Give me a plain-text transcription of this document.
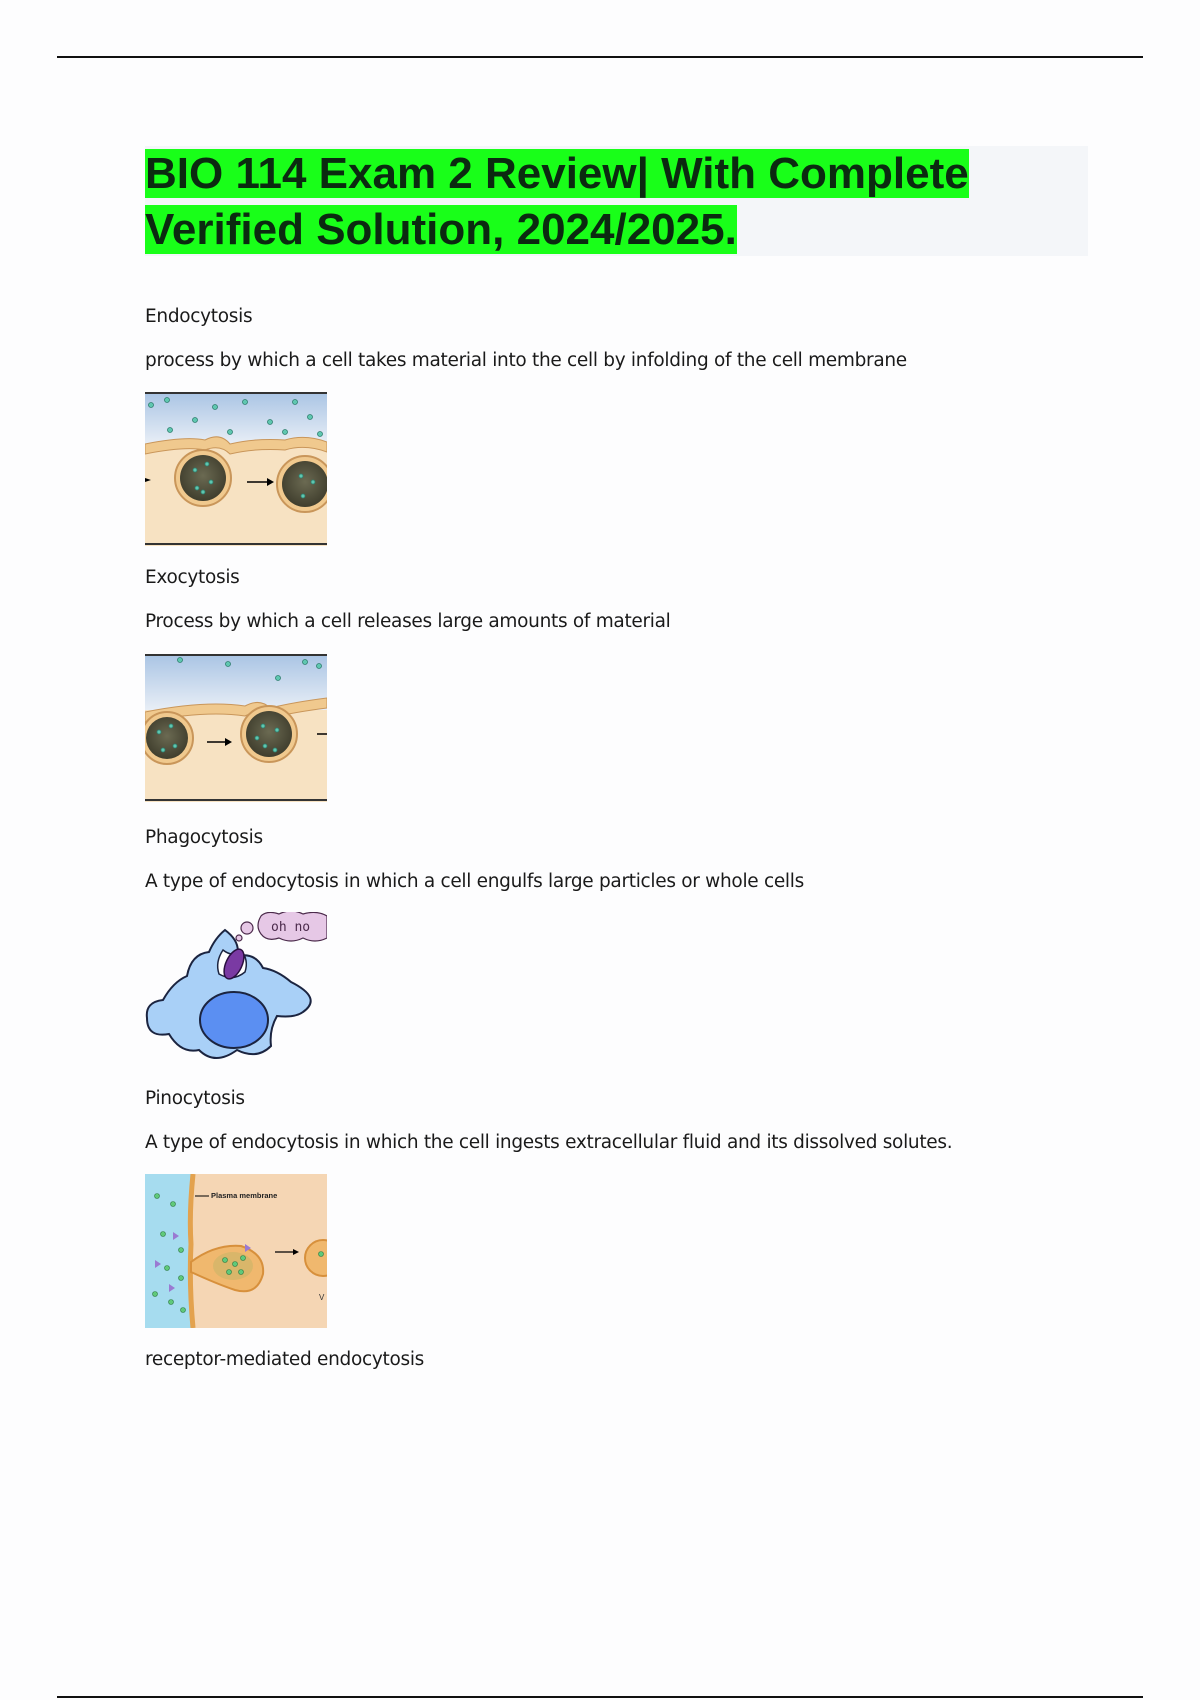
BIO 114 Exam 2 Review| With Complete
Verified Solution, 2024/2025.
Endocytosis
process by which a cell takes material into the cell by infolding of the cell membrane
Exocytosis
Process by which a cell releases large amounts of material
Phagocytosis
A type of endocytosis in which a cell engulfs large particles or whole cells
oh no
Pinocytosis
A type of endocytosis in which the cell ingests extracellular fluid and its dissolved solutes.
Plasma membrane
V
receptor-mediated endocytosis
